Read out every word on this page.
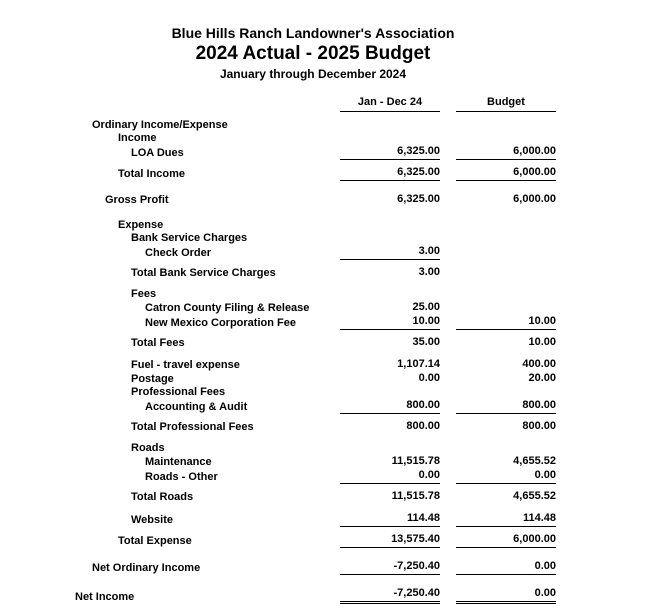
Blue Hills Ranch Landowner's Association
2024 Actual - 2025 Budget
January through December 2024
Jan - Dec 24	Budget
Ordinary Income/Expense
Income
LOA Dues	6,325.00	6,000.00
Total Income	6,325.00	6,000.00
Gross Profit	6,325.00	6,000.00
Expense
Bank Service Charges
Check Order	3.00
Total Bank Service Charges	3.00
Fees
Catron County Filing & Release	25.00
New Mexico Corporation Fee	10.00	10.00
Total Fees	35.00	10.00
Fuel - travel expense	1,107.14	400.00
Postage	0.00	20.00
Professional Fees
Accounting & Audit	800.00	800.00
Total Professional Fees	800.00	800.00
Roads
Maintenance	11,515.78	4,655.52
Roads - Other	0.00	0.00
Total Roads	11,515.78	4,655.52
Website	114.48	114.48
Total Expense	13,575.40	6,000.00
Net Ordinary Income	-7,250.40	0.00
Net Income	-7,250.40	0.00
